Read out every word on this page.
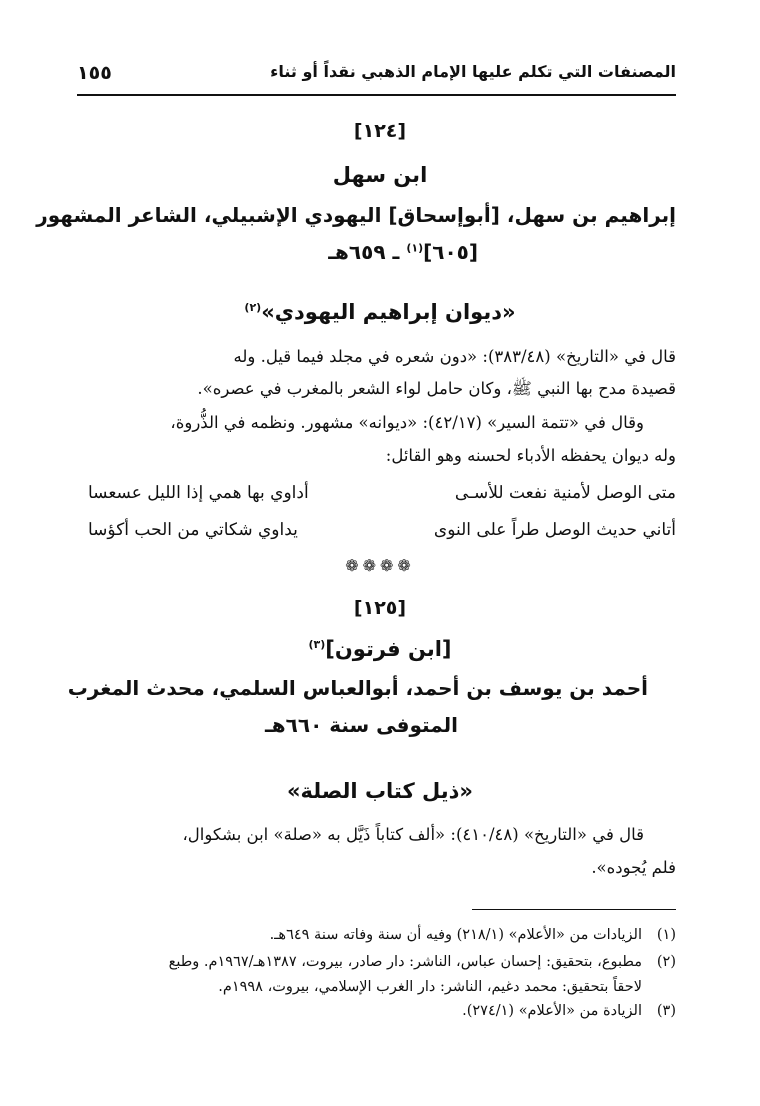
المصنفات التي تكلم عليها الإمام الذهبي نقداً أو ثناء
١٥٥
[١٢٤]
ابن سهل
إبراهيم بن سهل، [أبوإسحاق] اليهودي الإشبيلي، الشاعر المشهور
[٦٠٥]$^{(١)}$ ـ ٦٥٩هـ
«ديوان إبراهيم اليهودي»$^{(٢)}$
قال في «التاريخ» (٣٨٣/٤٨): «دون شعره في مجلد فيما قيل. وله
قصيدة مدح بها النبي ﷺ، وكان حامل لواء الشعر بالمغرب في عصره».
وقال في «تتمة السير» (٤٢/١٧): «ديوانه» مشهور. ونظمه في الذُّروة،
وله ديوان يحفظه الأدباء لحسنه وهو القائل:
متى الوصل لأمنية نفعت للأسـى
أداوي بها همي إذا الليل عسعسا
أتاني حديث الوصل طراً على النوى
يداوي شكاتي من الحب أكؤسا
❁❁❁❁
[١٢٥]
[ابن فرتون]$^{(٣)}$
أحمد بن يوسف بن أحمد، أبوالعباس السلمي، محدث المغرب
المتوفى سنة ٦٦٠هـ
«ذيل كتاب الصلة»
قال في «التاريخ» (٤١٠/٤٨): «ألف كتاباً ذَيَّل به «صلة» ابن بشكوال،
فلم يُجوده».
(١)الزيادات من «الأعلام» (٢١٨/١) وفيه أن سنة وفاته سنة ٦٤٩هـ.
(٢)مطبوع، بتحقيق: إحسان عباس، الناشر: دار صادر، بيروت، ١٣٨٧هـ/١٩٦٧م. وطبع
لاحقاً بتحقيق: محمد دغيم، الناشر: دار الغرب الإسلامي، بيروت، ١٩٩٨م.
(٣)الزيادة من «الأعلام» (٢٧٤/١).
